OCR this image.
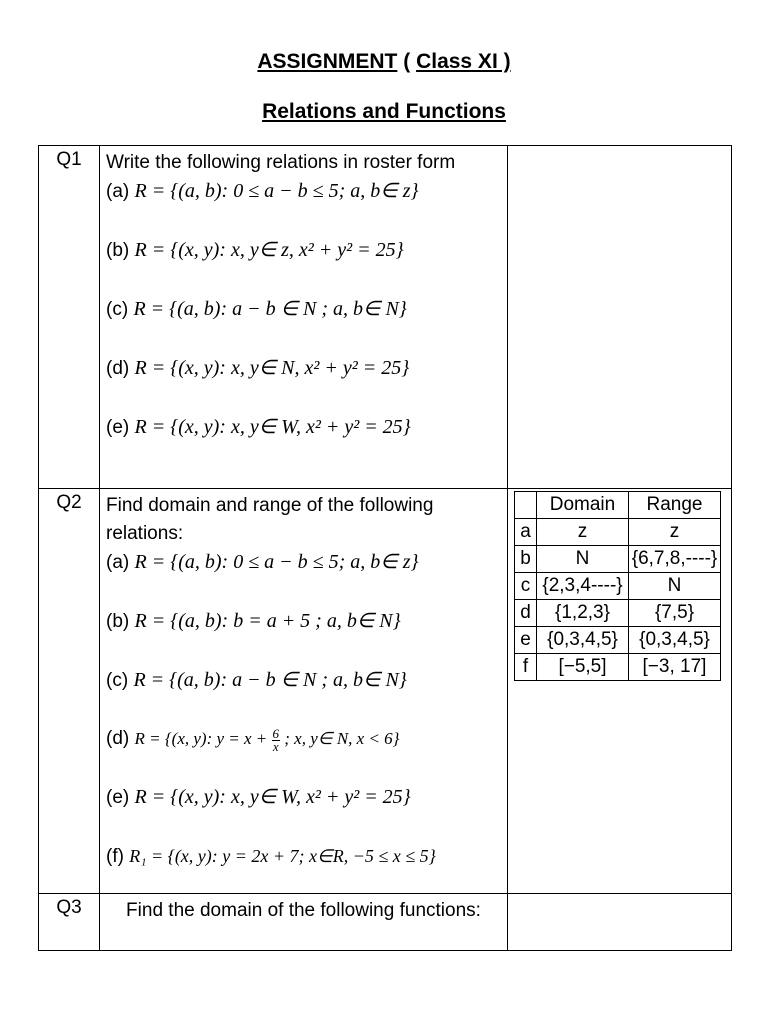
ASSIGNMENT ( Class XI )
Relations and Functions
Q1	Write the following relations in roster form
(a) R = {(a, b): 0 ≤ a − b ≤ 5; a, b∈ z}
(b) R = {(x, y): x, y∈ z, x² + y² = 25}
(c) R = {(a, b): a − b ∈ N ; a, b∈ N}
(d) R = {(x, y): x, y∈ N, x² + y² = 25}
(e) R = {(x, y): x, y∈ W, x² + y² = 25}

Q2	Find domain and range of the following relations:
(a) R = {(a, b): 0 ≤ a − b ≤ 5; a, b∈ z}
(b) R = {(a, b): b = a + 5 ; a, b∈ N}
(c) R = {(a, b): a − b ∈ N ; a, b∈ N}
(d) R = {(x, y): $y = x + \frac{6}{x}$ ; x, y∈ N, x < 6}
(e) R = {(x, y): x, y∈ W, x² + y² = 25}
(f) R₁ = {(x, y): y = 2x + 7; x∈R, −5 ≤ x ≤ 5}

	Domain	Range
a	z	z
b	N	{6,7,8,----}
c	{2,3,4----}	N
d	{1,2,3}	{7,5}
e	{0,3,4,5}	{0,3,4,5}
f	[−5,5]	[−3, 17]

Q3	Find the domain of the following functions:	
